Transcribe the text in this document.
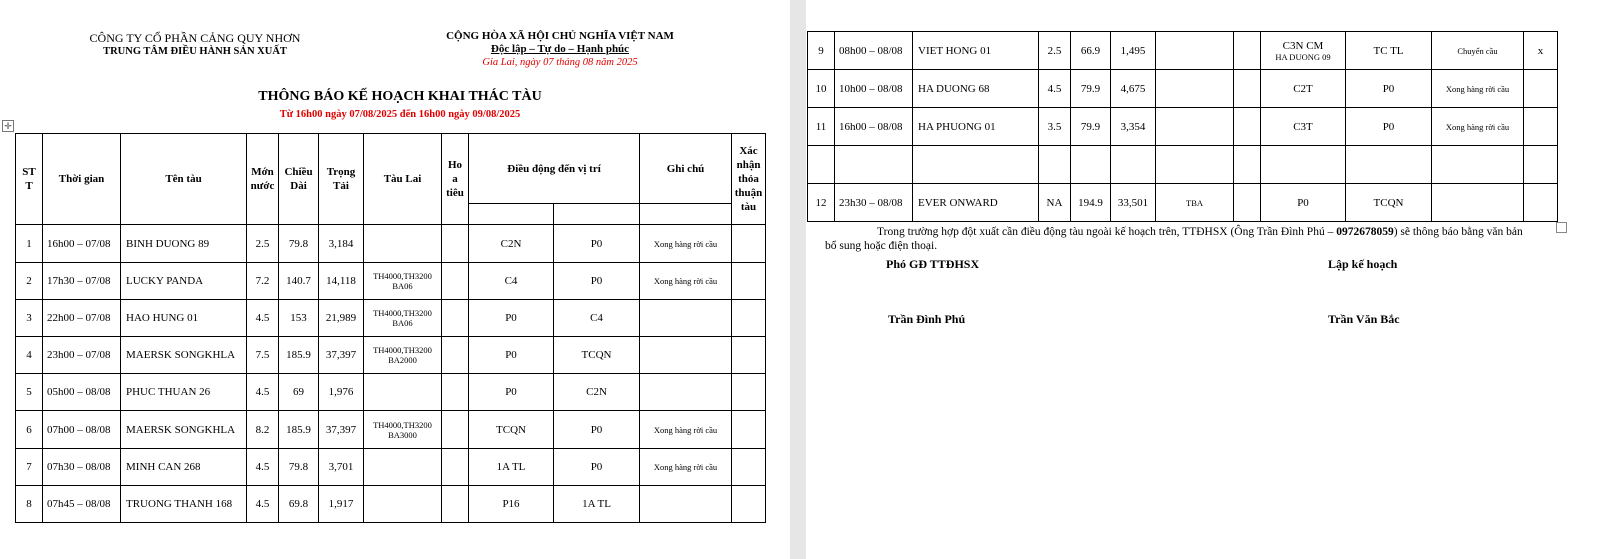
CÔNG TY CỔ PHẦN CẢNG QUY NHƠN
TRUNG TÂM ĐIỀU HÀNH SẢN XUẤT
CỘNG HÒA XÃ HỘI CHỦ NGHĨA VIỆT NAM
Độc lập – Tự do – Hạnh phúc
Gia Lai, ngày 07 tháng 08 năm 2025
THÔNG BÁO KẾ HOẠCH KHAI THÁC TÀU
Từ 16h00 ngày 07/08/2025 đến 16h00 ngày 09/08/2025
✛
ST T	Thời gian	Tên tàu	Mớn nước	Chiều Dài	Trọng Tải	Tàu Lai	Ho a tiêu	Điều động đến vị trí		Ghi chú	Xác nhận thỏa thuận tàu

1	16h00 – 07/08	BINH DUONG 89	2.5	79.8	3,184			C2N	P0	Xong hàng rời cầu	
2	17h30 – 07/08	LUCKY PANDA	7.2	140.7	14,118	TH4000,TH3200 BA06		C4	P0	Xong hàng rời cầu	
3	22h00 – 07/08	HAO HUNG 01	4.5	153	21,989	TH4000,TH3200 BA06		P0	C4		
4	23h00 – 07/08	MAERSK SONGKHLA	7.5	185.9	37,397	TH4000,TH3200 BA2000		P0	TCQN		
5	05h00 – 08/08	PHUC THUAN 26	4.5	69	1,976			P0	C2N		
6	07h00 – 08/08	MAERSK SONGKHLA	8.2	185.9	37,397	TH4000,TH3200 BA3000		TCQN	P0	Xong hàng rời cầu	
7	07h30 – 08/08	MINH CAN 268	4.5	79.8	3,701			1A TL	P0	Xong hàng rời cầu	
8	07h45 – 08/08	TRUONG THANH 168	4.5	69.8	1,917			P16	1A TL		
9	08h00 – 08/08	VIET HONG 01	2.5	66.9	1,495			C3N CM
HA DUONG 09	TC TL	Chuyển cầu	x
10	10h00 – 08/08	HA DUONG 68	4.5	79.9	4,675			C2T	P0	Xong hàng rời cầu	
11	16h00 – 08/08	HA PHUONG 01	3.5	79.9	3,354			C3T	P0	Xong hàng rời cầu	

12	23h30 – 08/08	EVER ONWARD	NA	194.9	33,501	TBA		P0	TCQN		
Trong trường hợp đột xuất cần điều động tàu ngoài kế hoạch trên, TTĐHSX (Ông Trần Đình Phú – 0972678059) sẽ thông báo bằng văn bản bổ sung hoặc điện thoại.
Phó GĐ TTĐHSX	Lập kế hoạch
Trần Đình Phú	Trần Văn Bắc
